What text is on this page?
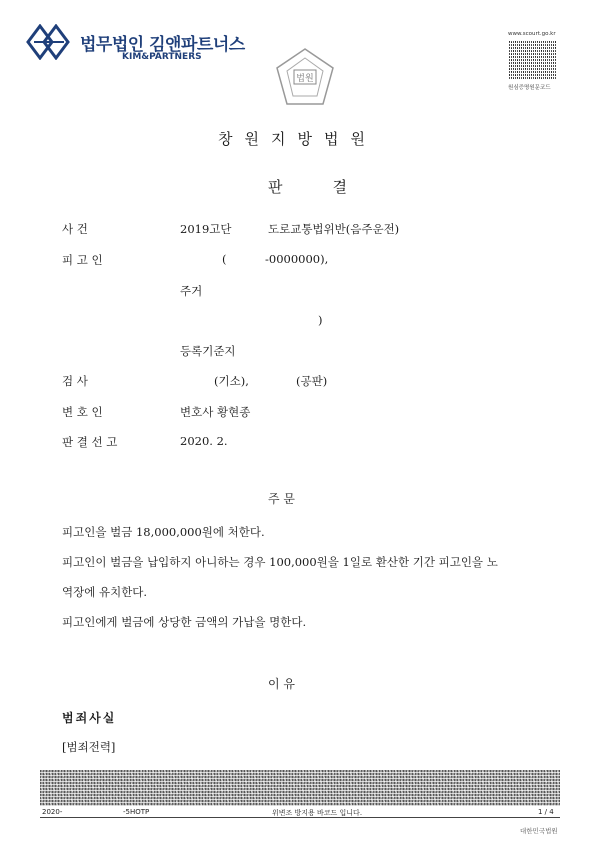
법무법인 김앤파트너스
KIM&PARTNERS
법원
www.scourt.go.kr
원심증명원문코드
창원지방법원
판	결
사 건	2019고단	도로교통법위반(음주운전)
피 고 인	(	-0000000),
주거
)
등록기준지
검 사	(기소),	(공판)
변 호 인	변호사 황현종
판 결 선 고	2020. 2.
주 문
피고인을 벌금 18,000,000원에 처한다.
피고인이 벌금을 납입하지 아니하는 경우 100,000원을 1일로 환산한 기간 피고인을 노
역장에 유치한다.
피고인에게 벌금에 상당한 금액의 가납을 명한다.
이 유
범죄사실
[범죄전력]
2020-	-5HOTP	위변조 방지용 바코드 입니다.	1 / 4
대한민국법원
